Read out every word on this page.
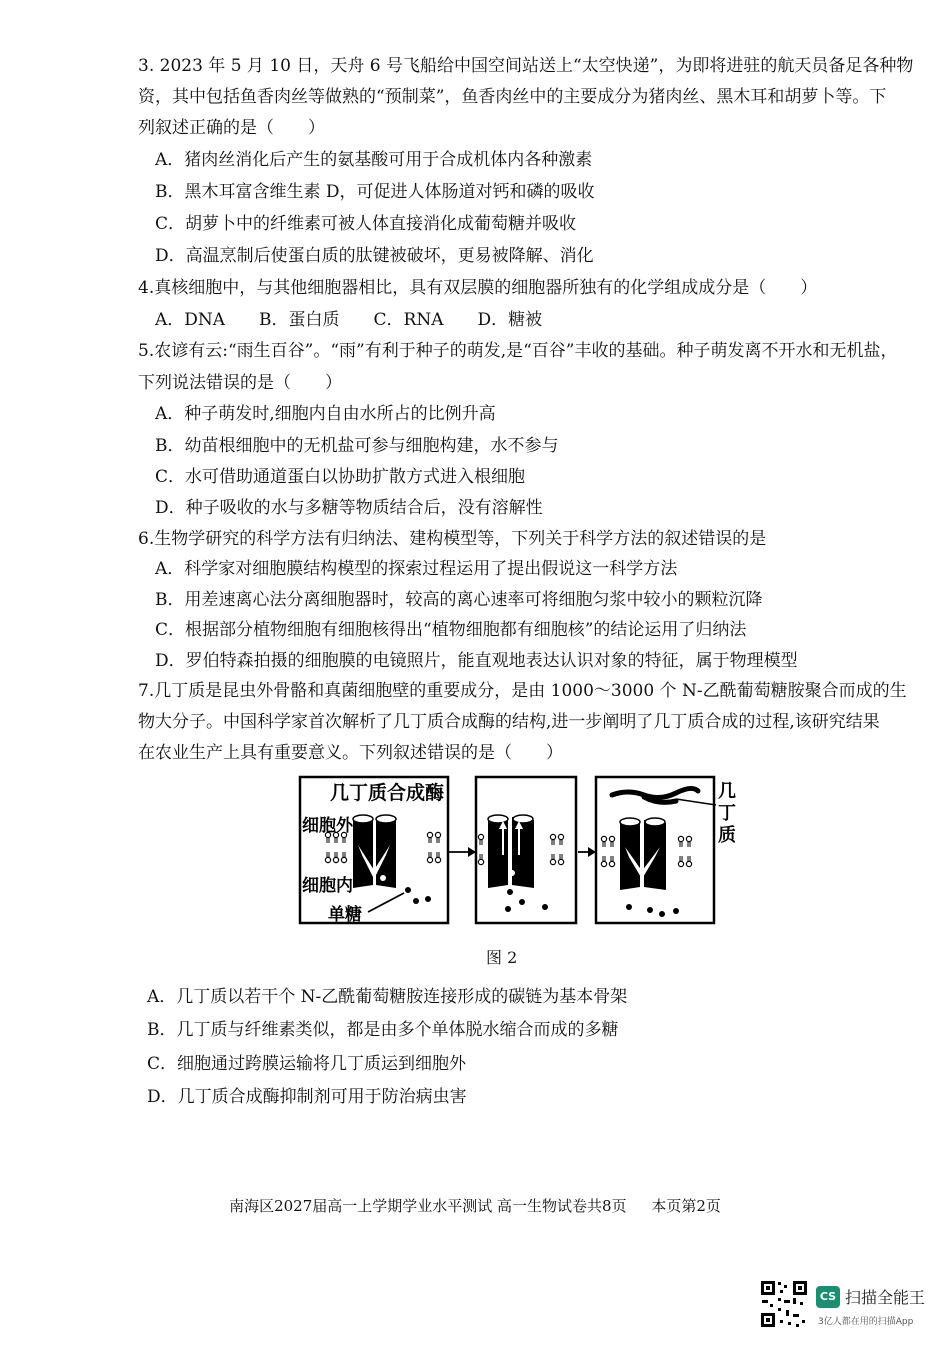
3. 2023 年 5 月 10 日，天舟 6 号飞船给中国空间站送上“太空快递”，为即将进驻的航天员备足各种物
资，其中包括鱼香肉丝等做熟的“预制菜”，鱼香肉丝中的主要成分为猪肉丝、黑木耳和胡萝卜等。下
列叙述正确的是（　　）
A．猪肉丝消化后产生的氨基酸可用于合成机体内各种激素
B．黑木耳富含维生素 D，可促进人体肠道对钙和磷的吸收
C．胡萝卜中的纤维素可被人体直接消化成葡萄糖并吸收
D．高温烹制后使蛋白质的肽键被破坏，更易被降解、消化
4.真核细胞中，与其他细胞器相比，具有双层膜的细胞器所独有的化学组成成分是（　　）
A．DNA　　B．蛋白质　　C．RNA　　D．糖被
5.农谚有云:“雨生百谷”。“雨”有利于种子的萌发,是“百谷”丰收的基础。种子萌发离不开水和无机盐，
下列说法错误的是（　　）
A．种子萌发时,细胞内自由水所占的比例升高
B．幼苗根细胞中的无机盐可参与细胞构建，水不参与
C．水可借助通道蛋白以协助扩散方式进入根细胞
D．种子吸收的水与多糖等物质结合后，没有溶解性
6.生物学研究的科学方法有归纳法、建构模型等，下列关于科学方法的叙述错误的是
A．科学家对细胞膜结构模型的探索过程运用了提出假说这一科学方法
B．用差速离心法分离细胞器时，较高的离心速率可将细胞匀浆中较小的颗粒沉降
C．根据部分植物细胞有细胞核得出“植物细胞都有细胞核”的结论运用了归纳法
D．罗伯特森拍摄的细胞膜的电镜照片，能直观地表达认识对象的特征，属于物理模型
7.几丁质是昆虫外骨骼和真菌细胞壁的重要成分，是由 1000～3000 个 N-乙酰葡萄糖胺聚合而成的生
物大分子。中国科学家首次解析了几丁质合成酶的结构,进一步阐明了几丁质合成的过程,该研究结果
在农业生产上具有重要意义。下列叙述错误的是（　　）
几丁质合成酶
细胞外
细胞内
单糖
几
丁
质
图 2
A．几丁质以若干个 N-乙酰葡萄糖胺连接形成的碳链为基本骨架
B．几丁质与纤维素类似，都是由多个单体脱水缩合而成的多糖
C．细胞通过跨膜运输将几丁质运到细胞外
D．几丁质合成酶抑制剂可用于防治病虫害
南海区2027届高一上学期学业水平测试 高一生物试卷共8页 本页第2页
CS 扫描全能王
3亿人都在用的扫描App
